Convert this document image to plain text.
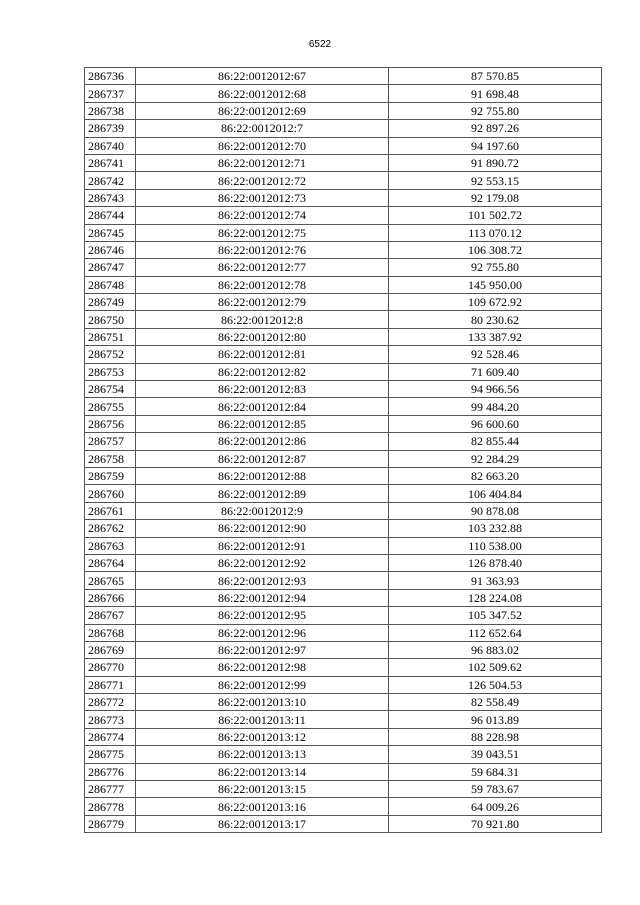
6522
286736	86:22:0012012:67	87 570.85
286737	86:22:0012012:68	91 698.48
286738	86:22:0012012:69	92 755.80
286739	86:22:0012012:7	92 897.26
286740	86:22:0012012:70	94 197.60
286741	86:22:0012012:71	91 890.72
286742	86:22:0012012:72	92 553.15
286743	86:22:0012012:73	92 179.08
286744	86:22:0012012:74	101 502.72
286745	86:22:0012012:75	113 070.12
286746	86:22:0012012:76	106 308.72
286747	86:22:0012012:77	92 755.80
286748	86:22:0012012:78	145 950.00
286749	86:22:0012012:79	109 672.92
286750	86:22:0012012:8	80 230.62
286751	86:22:0012012:80	133 387.92
286752	86:22:0012012:81	92 528.46
286753	86:22:0012012:82	71 609.40
286754	86:22:0012012:83	94 966.56
286755	86:22:0012012:84	99 484.20
286756	86:22:0012012:85	96 600.60
286757	86:22:0012012:86	82 855.44
286758	86:22:0012012:87	92 284.29
286759	86:22:0012012:88	82 663.20
286760	86:22:0012012:89	106 404.84
286761	86:22:0012012:9	90 878.08
286762	86:22:0012012:90	103 232.88
286763	86:22:0012012:91	110 538.00
286764	86:22:0012012:92	126 878.40
286765	86:22:0012012:93	91 363.93
286766	86:22:0012012:94	128 224.08
286767	86:22:0012012:95	105 347.52
286768	86:22:0012012:96	112 652.64
286769	86:22:0012012:97	96 883.02
286770	86:22:0012012:98	102 509.62
286771	86:22:0012012:99	126 504.53
286772	86:22:0012013:10	82 558.49
286773	86:22:0012013:11	96 013.89
286774	86:22:0012013:12	88 228.98
286775	86:22:0012013:13	39 043.51
286776	86:22:0012013:14	59 684.31
286777	86:22:0012013:15	59 783.67
286778	86:22:0012013:16	64 009.26
286779	86:22:0012013:17	70 921.80
